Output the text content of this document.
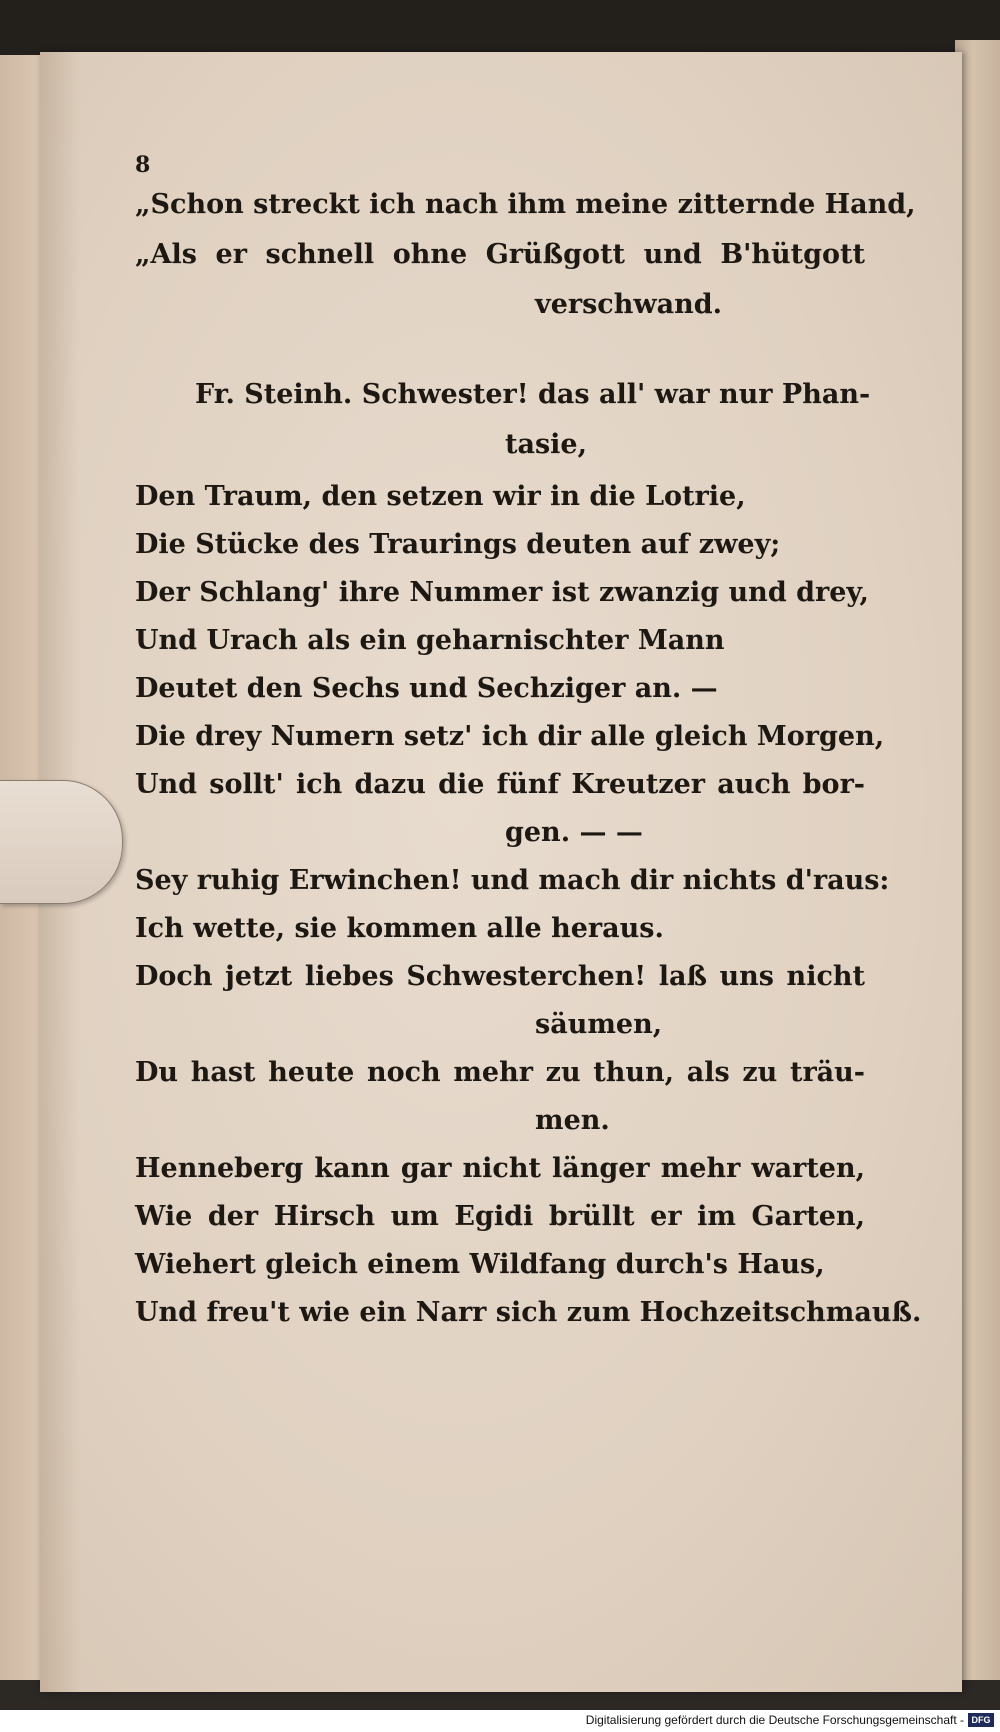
8
„Schon streckt ich nach ihm meine zitternde Hand,
„Als er schnell ohne Grüßgott und B'hütgott
verschwand.
Fr. Steinh. Schwester! das all' war nur Phan-
tasie,
Den Traum, den setzen wir in die Lotrie,
Die Stücke des Traurings deuten auf zwey;
Der Schlang' ihre Nummer ist zwanzig und drey,
Und Urach als ein geharnischter Mann
Deutet den Sechs und Sechziger an. —
Die drey Numern setz' ich dir alle gleich Morgen,
Und sollt' ich dazu die fünf Kreutzer auch bor-
gen. — —
Sey ruhig Erwinchen! und mach dir nichts d'raus:
Ich wette, sie kommen alle heraus.
Doch jetzt liebes Schwesterchen! laß uns nicht
säumen,
Du hast heute noch mehr zu thun, als zu träu-
men.
Henneberg kann gar nicht länger mehr warten,
Wie der Hirsch um Egidi brüllt er im Garten,
Wiehert gleich einem Wildfang durch's Haus,
Und freu't wie ein Narr sich zum Hochzeitschmauß.
Digitalisierung gefördert durch die Deutsche Forschungsgemeinschaft - DFG
